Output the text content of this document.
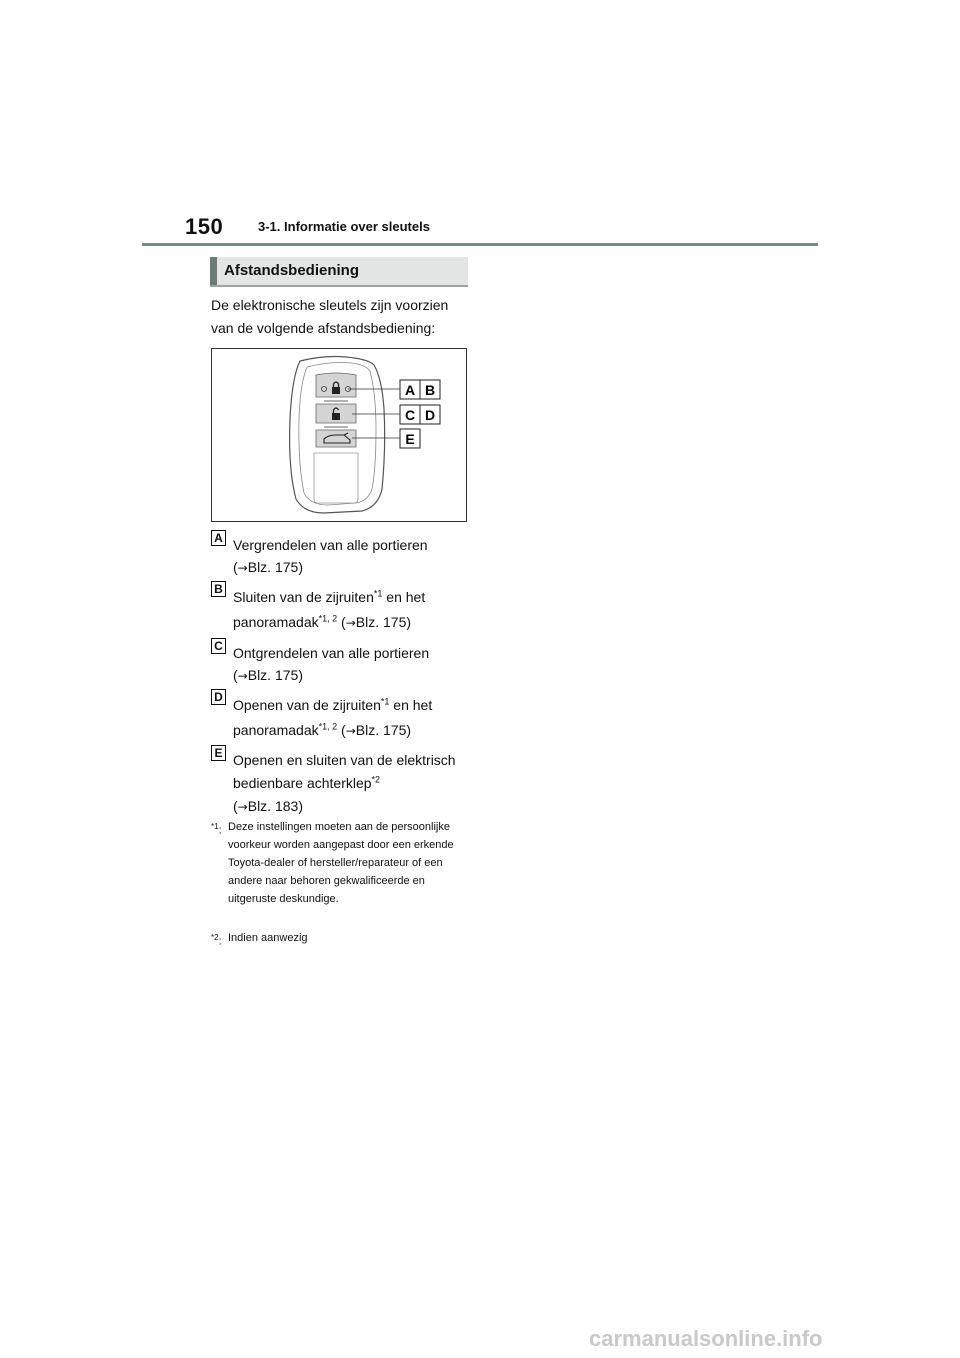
150	3-1. Informatie over sleutels
Afstandsbediening
De elektronische sleutels zijn voorzien van de volgende afstandsbediening:
A B
C D
E
A Vergrendelen van alle portieren
(→Blz. 175)
B Sluiten van de zijruiten$^{*1}$ en het
panoramadak$^{*1, 2}$ (→Blz. 175)
C Ontgrendelen van alle portieren
(→Blz. 175)
D Openen van de zijruiten$^{*1}$ en het
panoramadak$^{*1, 2}$ (→Blz. 175)
E Openen en sluiten van de elektrisch bedienbare achterklep$^{*2}$
(→Blz. 183)
$^{*1}$: Deze instellingen moeten aan de persoonlijke voorkeur worden aangepast door een erkende Toyota-dealer of hersteller/reparateur of een andere naar behoren gekwalificeerde en uitgeruste deskundige.
$^{*2}$: Indien aanwezig
carmanualsonline.info
